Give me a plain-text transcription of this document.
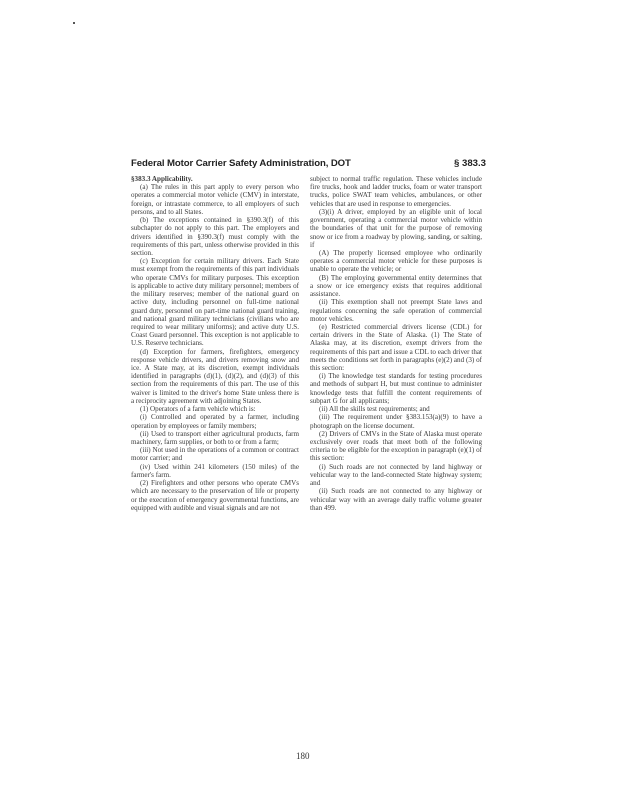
Federal Motor Carrier Safety Administration, DOT	§ 383.3

§383.3 Applicability.

(a) The rules in this part apply to every person who operates a commercial motor vehicle (CMV) in interstate, foreign, or intrastate commerce, to all employers of such persons, and to all States.

(b) The exceptions contained in §390.3(f) of this subchapter do not apply to this part. The employers and drivers identified in §390.3(f) must comply with the requirements of this part, unless otherwise provided in this section.

(c) Exception for certain military drivers. Each State must exempt from the requirements of this part individuals who operate CMVs for military purposes. This exception is applicable to active duty military personnel; members of the military reserves; member of the national guard on active duty, including personnel on full-time national guard duty, personnel on part-time national guard training, and national guard military technicians (civilians who are required to wear military uniforms); and active duty U.S. Coast Guard personnel. This exception is not applicable to U.S. Reserve technicians.

(d) Exception for farmers, firefighters, emergency response vehicle drivers, and drivers removing snow and ice. A State may, at its discretion, exempt individuals identified in paragraphs (d)(1), (d)(2), and (d)(3) of this section from the requirements of this part. The use of this waiver is limited to the driver's home State unless there is a reciprocity agreement with adjoining States.

(1) Operators of a farm vehicle which is:

(i) Controlled and operated by a farmer, including operation by employees or family members;

(ii) Used to transport either agricultural products, farm machinery, farm supplies, or both to or from a farm;

(iii) Not used in the operations of a common or contract motor carrier; and

(iv) Used within 241 kilometers (150 miles) of the farmer's farm.

(2) Firefighters and other persons who operate CMVs which are necessary to the preservation of life or property or the execution of emergency governmental functions, are equipped with audible and visual signals and are not

subject to normal traffic regulation. These vehicles include fire trucks, hook and ladder trucks, foam or water transport trucks, police SWAT team vehicles, ambulances, or other vehicles that are used in response to emergencies.

(3)(i) A driver, employed by an eligible unit of local government, operating a commercial motor vehicle within the boundaries of that unit for the purpose of removing snow or ice from a roadway by plowing, sanding, or salting, if

(A) The properly licensed employee who ordinarily operates a commercial motor vehicle for these purposes is unable to operate the vehicle; or

(B) The employing governmental entity determines that a snow or ice emergency exists that requires additional assistance.

(ii) This exemption shall not preempt State laws and regulations concerning the safe operation of commercial motor vehicles.

(e) Restricted commercial drivers license (CDL) for certain drivers in the State of Alaska. (1) The State of Alaska may, at its discretion, exempt drivers from the requirements of this part and issue a CDL to each driver that meets the conditions set forth in paragraphs (e)(2) and (3) of this section:

(i) The knowledge test standards for testing procedures and methods of subpart H, but must continue to administer knowledge tests that fulfill the content requirements of subpart G for all applicants;

(ii) All the skills test requirements; and

(iii) The requirement under §383.153(a)(9) to have a photograph on the license document.

(2) Drivers of CMVs in the State of Alaska must operate exclusively over roads that meet both of the following criteria to be eligible for the exception in paragraph (e)(1) of this section:

(i) Such roads are not connected by land highway or vehicular way to the land-connected State highway system; and

(ii) Such roads are not connected to any highway or vehicular way with an average daily traffic volume greater than 499.

180
